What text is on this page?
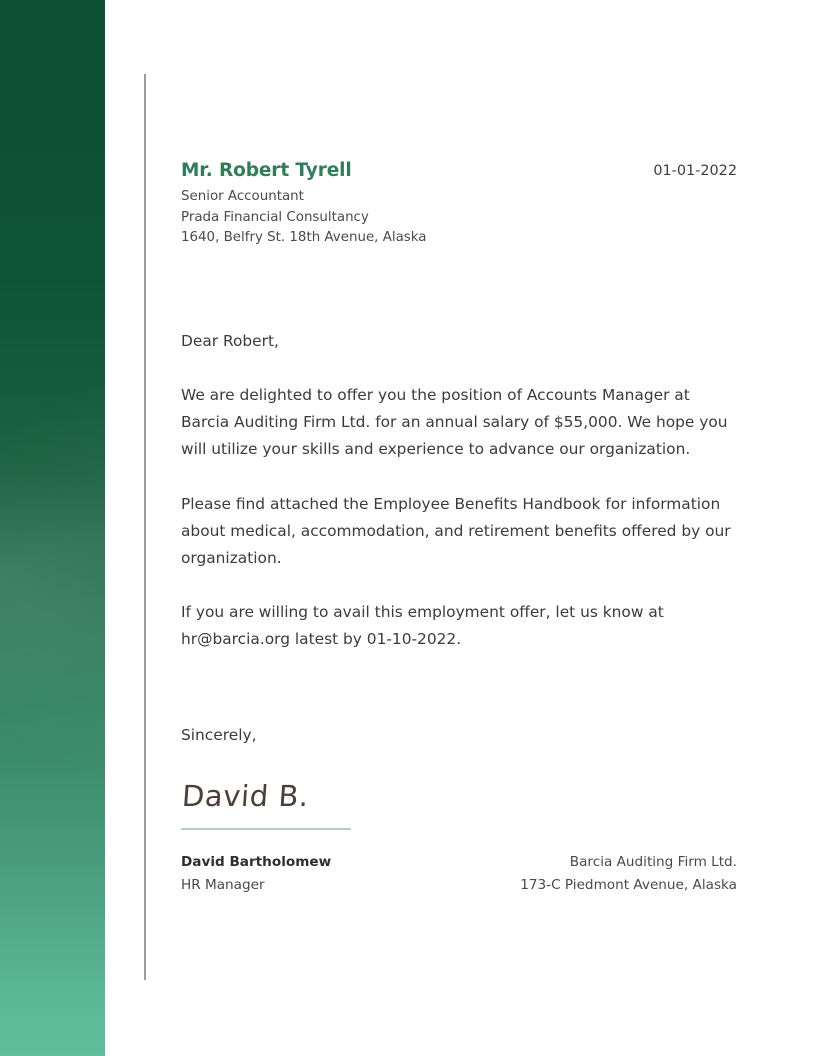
Mr. Robert Tyrell

Senior Accountant

Prada Financial Consultancy

1640, Belfry St. 18th Avenue, Alaska

01-01-2022

Dear Robert,

We are delighted to offer you the position of Accounts Manager at Barcia Auditing Firm Ltd. for an annual salary of $55,000. We hope you will utilize your skills and experience to advance our organization.

Please find attached the Employee Benefits Handbook for information about medical, accommodation, and retirement benefits offered by our organization.

If you are willing to avail this employment offer, let us know at hr@barcia.org latest by 01-10-2022.

Sincerely,

David B.

David Bartholomew

HR Manager

Barcia Auditing Firm Ltd.

173-C Piedmont Avenue, Alaska
